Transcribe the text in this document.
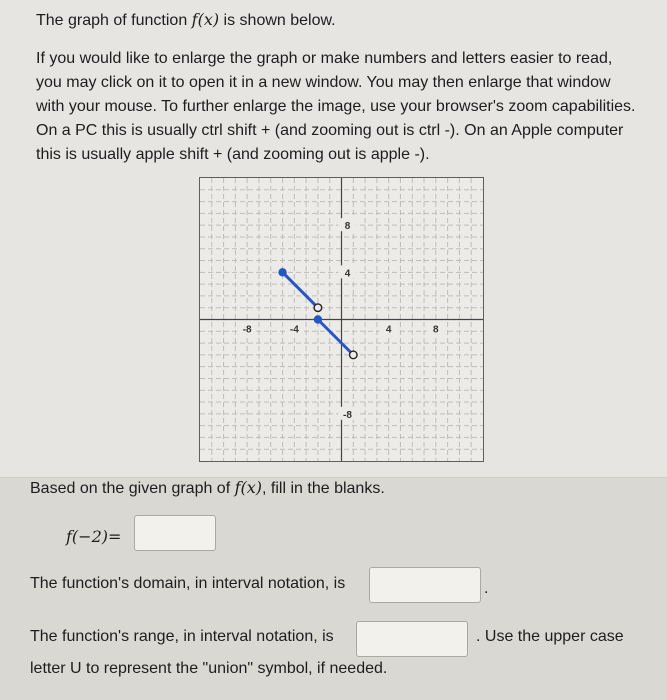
The graph of function f(x) is shown below.
If you would like to enlarge the graph or make numbers and letters easier to read, you may click on it to open it in a new window. You may then enlarge that window with your mouse. To further enlarge the image, use your browser's zoom capabilities. On a PC this is usually ctrl shift + (and zooming out is ctrl -). On an Apple computer this is usually apple shift + (and zooming out is apple -).
-8	-4	4	8
8
4
-8
Based on the given graph of f(x), fill in the blanks.
f(−2)=
The function's domain, in interval notation, is	.
The function's range, in interval notation, is	. Use the upper case
letter U to represent the "union" symbol, if needed.
